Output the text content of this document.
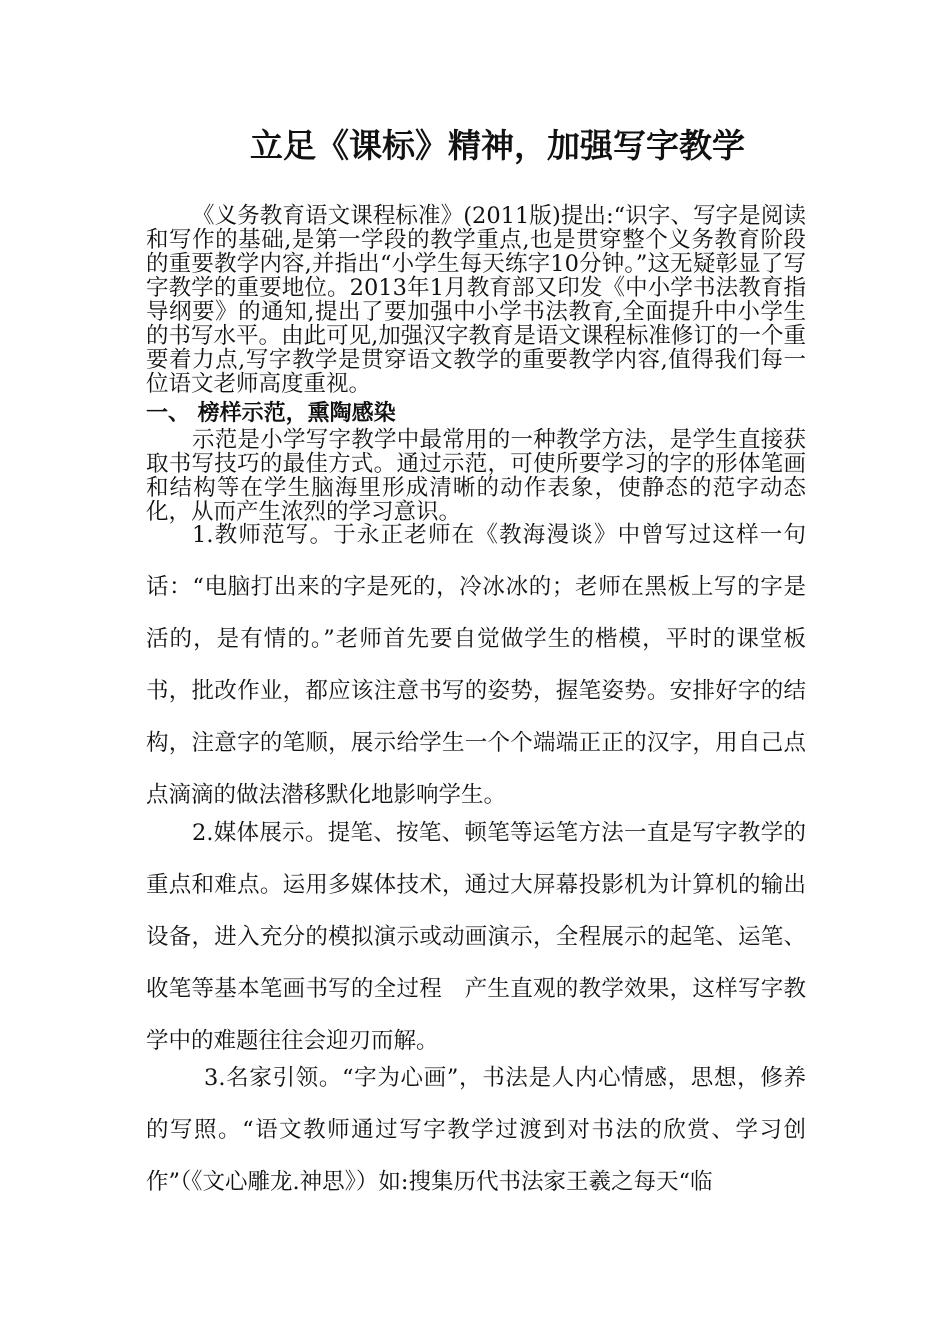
立足《课标》精神，加强写字教学

《义务教育语文课程标准》(2011版)提出:“识字、写字是阅读和写作的基础,是第一学段的教学重点,也是贯穿整个义务教育阶段的重要教学内容,并指出“小学生每天练字10分钟。”这无疑彰显了写字教学的重要地位。2013年1月教育部又印发《中小学书法教育指导纲要》的通知,提出了要加强中小学书法教育,全面提升中小学生的书写水平。由此可见,加强汉字教育是语文课程标准修订的一个重要着力点,写字教学是贯穿语文教学的重要教学内容,值得我们每一位语文老师高度重视。

一、 榜样示范，熏陶感染

示范是小学写字教学中最常用的一种教学方法，是学生直接获取书写技巧的最佳方式。通过示范，可使所要学习的字的形体笔画和结构等在学生脑海里形成清晰的动作表象，使静态的范字动态化，从而产生浓烈的学习意识。

1.教师范写。于永正老师在《教海漫谈》中曾写过这样一句话：“电脑打出来的字是死的，冷冰冰的；老师在黑板上写的字是活的，是有情的。”老师首先要自觉做学生的楷模，平时的课堂板书，批改作业，都应该注意书写的姿势，握笔姿势。安排好字的结构，注意字的笔顺，展示给学生一个个端端正正的汉字，用自己点点滴滴的做法潜移默化地影响学生。

2.媒体展示。提笔、按笔、顿笔等运笔方法一直是写字教学的重点和难点。运用多媒体技术，通过大屏幕投影机为计算机的输出设备，进入充分的模拟演示或动画演示，全程展示的起笔、运笔、收笔等基本笔画书写的全过程　产生直观的教学效果，这样写字教学中的难题往往会迎刃而解。

3.名家引领。“字为心画”，书法是人内心情感，思想，修养的写照。“语文教师通过写字教学过渡到对书法的欣赏、学习创作”（《文心雕龙.神思》）如:搜集历代书法家王羲之每天“临
